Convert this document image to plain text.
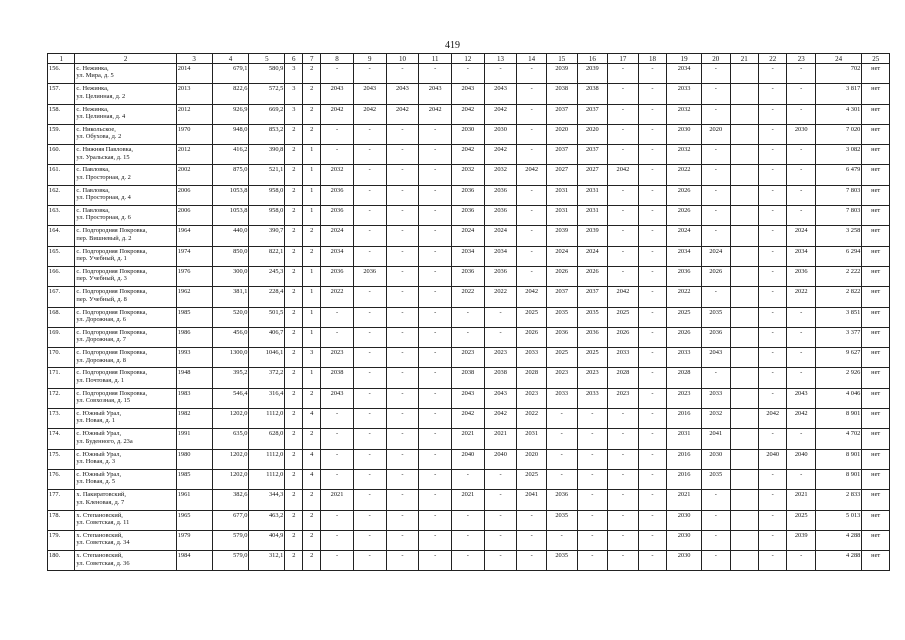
419
1	2	3	4	5	6	7	8	9	10	11	12	13	14	15	16	17	18	19	20	21	22	23	24	25
156.	с. Нежинка,
ул. Мира, д. 5	2014	679,1	580,9	3	2	-	-	-	-	-	-	-	2039	2039	-	-	2034	-		-	-	702	нет
157.	с. Нежинка,
ул. Целинная, д. 2	2013	822,6	572,5	3	2	2043	2043	2043	2043	2043	2043	-	2038	2038	-	-	2033	-		-	-	3 817	нет
158.	с. Нежинка,
ул. Целинная, д. 4	2012	926,9	669,2	3	2	2042	2042	2042	2042	2042	2042	-	2037	2037	-	-	2032	-		-	-	4 301	нет
159.	с. Никольское,
ул. Обухова, д. 2	1970	948,0	853,2	2	2	-	-	-	-	2030	2030	-	2020	2020	-	-	2030	2020		-	2030	7 020	нет
160.	с. Нижняя Павловка,
ул. Уральская, д. 15	2012	416,2	390,8	2	1	-	-	-	-	2042	2042	-	2037	2037	-	-	2032	-		-	-	3 082	нет
161.	с. Павловка,
ул. Просторная, д. 2	2002	875,0	521,1	2	1	2032	-	-	-	2032	2032	2042	2027	2027	2042	-	2022	-		-	-	6 479	нет
162.	с. Павловка,
ул. Просторная, д. 4	2006	1053,8	958,0	2	1	2036	-	-	-	2036	2036	-	2031	2031	-	-	2026	-		-	-	7 803	нет
163.	с. Павловка,
ул. Просторная, д. 6	2006	1053,8	958,0	2	1	2036	-	-	-	2036	2036	-	2031	2031	-	-	2026	-		-	-	7 803	нет
164.	с. Подгородняя Покровка,
пер. Вишневый, д. 2	1964	440,0	390,7	2	2	2024	-	-	-	2024	2024	-	2039	2039	-	-	2024	-		-	2024	3 258	нет
165.	с. Подгородняя Покровка,
пер. Учебный, д. 1	1974	850,0	822,1	2	2	2034	-	-	-	2034	2034	-	2024	2024	-	-	2034	2024		-	2034	6 294	нет
166.	с. Подгородняя Покровка,
пер. Учебный, д. 3	1976	300,0	245,3	2	1	2036	2036	-	-	2036	2036	-	2026	2026	-	-	2036	2026		-	2036	2 222	нет
167.	с. Подгородняя Покровка,
пер. Учебный, д. 8	1962	381,1	228,4	2	1	2022	-	-	-	2022	2022	2042	2037	2037	2042	-	2022	-		-	2022	2 822	нет
168.	с. Подгородняя Покровка,
ул. Дорожная, д. 6	1985	520,0	501,5	2	1	-	-	-	-	-	-	2025	2035	2035	2025	-	2025	2035		-	-	3 851	нет
169.	с. Подгородняя Покровка,
ул. Дорожная, д. 7	1986	456,0	406,7	2	1	-	-	-	-	-	-	2026	2036	2036	2026	-	2026	2036		-	-	3 377	нет
170.	с. Подгородняя Покровка,
ул. Дорожная, д. 8	1993	1300,0	1046,1	2	3	2023	-	-	-	2023	2023	2033	2025	2025	2033	-	2033	2043		-	-	9 627	нет
171.	с. Подгородняя Покровка,
ул. Почтовая, д. 1	1948	395,2	372,2	2	1	2038	-	-	-	2038	2038	2028	2023	2023	2028	-	2028	-		-	-	2 926	нет
172.	с. Подгородняя Покровка,
ул. Совхозная, д. 15	1983	546,4	316,4	2	2	2043	-	-	-	2043	2043	2023	2033	2033	2023	-	2023	2033		-	2043	4 046	нет
173.	с. Южный Урал,
ул. Новая, д. 1	1982	1202,0	1112,0	2	4	-	-	-	-	2042	2042	2022	-	-	-	-	2016	2032		2042	2042	8 901	нет
174.	с. Южный Урал,
ул. Буденного, д. 23а	1991	635,0	628,0	2	2	-	-	-	-	2021	2021	2031	-	-	-	-	2031	2041		-	-	4 702	нет
175.	с. Южный Урал,
ул. Новая, д. 3	1980	1202,0	1112,0	2	4	-	-	-	-	2040	2040	2020	-	-	-	-	2016	2030		2040	2040	8 901	нет
176.	с. Южный Урал,
ул. Новая, д. 5	1985	1202,0	1112,0	2	4	-	-	-	-	-	-	2025	-	-	-	-	2016	2035		-	-	8 901	нет
177.	х. Пакиратовский,
ул. Кленовая, д. 7	1961	382,6	344,3	2	2	2021	-	-	-	2021	-	2041	2036	-	-	-	2021	-		-	2021	2 833	нет
178.	х. Степановский,
ул. Советская, д. 11	1965	677,0	463,2	2	2	-	-	-	-	-	-	-	2035	-	-	-	2030	-		-	2025	5 013	нет
179.	х. Степановский,
ул. Советская, д. 34	1979	579,0	404,9	2	2	-	-	-	-	-	-	-	-	-	-	-	2030	-		-	2039	4 288	нет
180.	х. Степановский,
ул. Советская, д. 36	1984	579,0	312,1	2	2	-	-	-	-	-	-	-	2035	-	-	-	2030	-		-	-	4 288	нет
